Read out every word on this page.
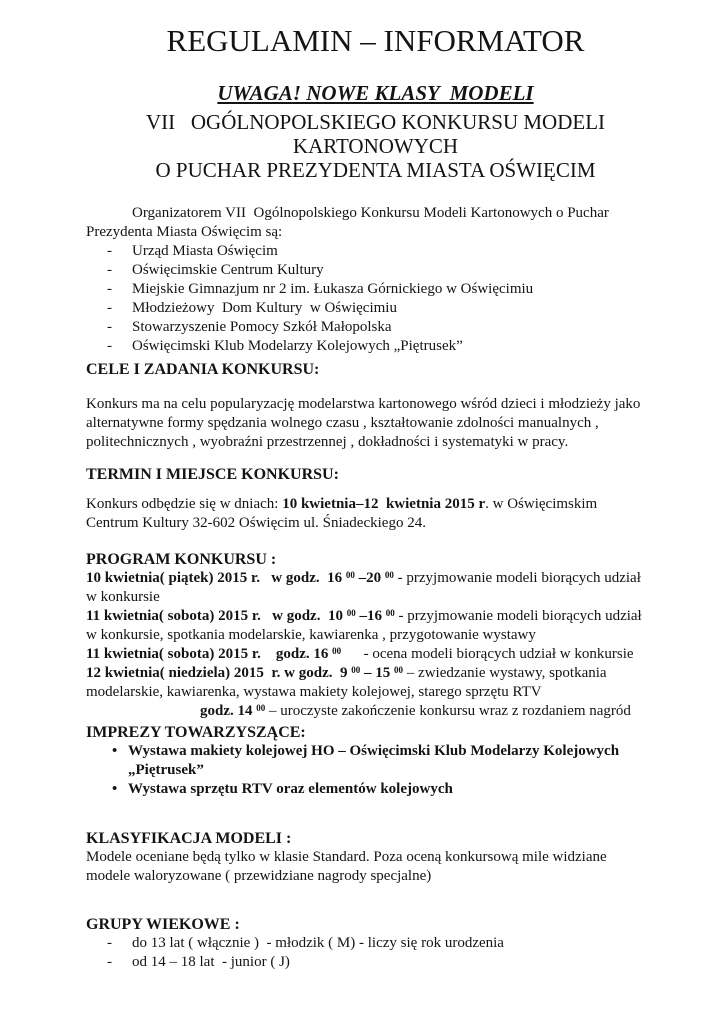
REGULAMIN – INFORMATOR
UWAGA! NOWE KLASY  MODELI
VII   OGÓLNOPOLSKIEGO KONKURSU MODELI
KARTONOWYCH
O PUCHAR PREZYDENTA MIASTA OŚWIĘCIM
Organizatorem VII  Ogólnopolskiego Konkursu Modeli Kartonowych o Puchar
Prezydenta Miasta Oświęcim są:
-	Urząd Miasta Oświęcim
-	Oświęcimskie Centrum Kultury
-	Miejskie Gimnazjum nr 2 im. Łukasza Górnickiego w Oświęcimiu
-	Młodzieżowy  Dom Kultury  w Oświęcimiu
-	Stowarzyszenie Pomocy Szkół Małopolska
-	Oświęcimski Klub Modelarzy Kolejowych „Piętrusek”
CELE I ZADANIA KONKURSU:
Konkurs ma na celu popularyzację modelarstwa kartonowego wśród dzieci i młodzieży jako
alternatywne formy spędzania wolnego czasu , kształtowanie zdolności manualnych ,
politechnicznych , wyobraźni przestrzennej , dokładności i systematyki w pracy.
TERMIN I MIEJSCE KONKURSU:
Konkurs odbędzie się w dniach: 10 kwietnia–12  kwietnia 2015 r. w Oświęcimskim
Centrum Kultury 32-602 Oświęcim ul. Śniadeckiego 24.
PROGRAM KONKURSU :
10 kwietnia( piątek) 2015 r.   w godz.  16 $^{00}$ –20 $^{00}$ - przyjmowanie modeli biorących udział
w konkursie
11 kwietnia( sobota) 2015 r.   w godz.  10 $^{00}$ –16 $^{00}$ - przyjmowanie modeli biorących udział
w konkursie, spotkania modelarskie, kawiarenka , przygotowanie wystawy
11 kwietnia( sobota) 2015 r.    godz. 16 $^{00}$      - ocena modeli biorących udział w konkursie
12 kwietnia( niedziela) 2015  r. w godz.  9 $^{00}$ – 15 $^{00}$ – zwiedzanie wystawy, spotkania
modelarskie, kawiarenka, wystawa makiety kolejowej, starego sprzętu RTV
godz. 14 $^{00}$ – uroczyste zakończenie konkursu wraz z rozdaniem nagród
IMPREZY TOWARZYSZĄCE:
• Wystawa makiety kolejowej HO – Oświęcimski Klub Modelarzy Kolejowych
„Piętrusek”
• Wystawa sprzętu RTV oraz elementów kolejowych
KLASYFIKACJA MODELI :
Modele oceniane będą tylko w klasie Standard. Poza oceną konkursową mile widziane
modele waloryzowane ( przewidziane nagrody specjalne)
GRUPY WIEKOWE :
-	do 13 lat ( włącznie )  - młodzik ( M) - liczy się rok urodzenia
-	od 14 – 18 lat  - junior ( J)
